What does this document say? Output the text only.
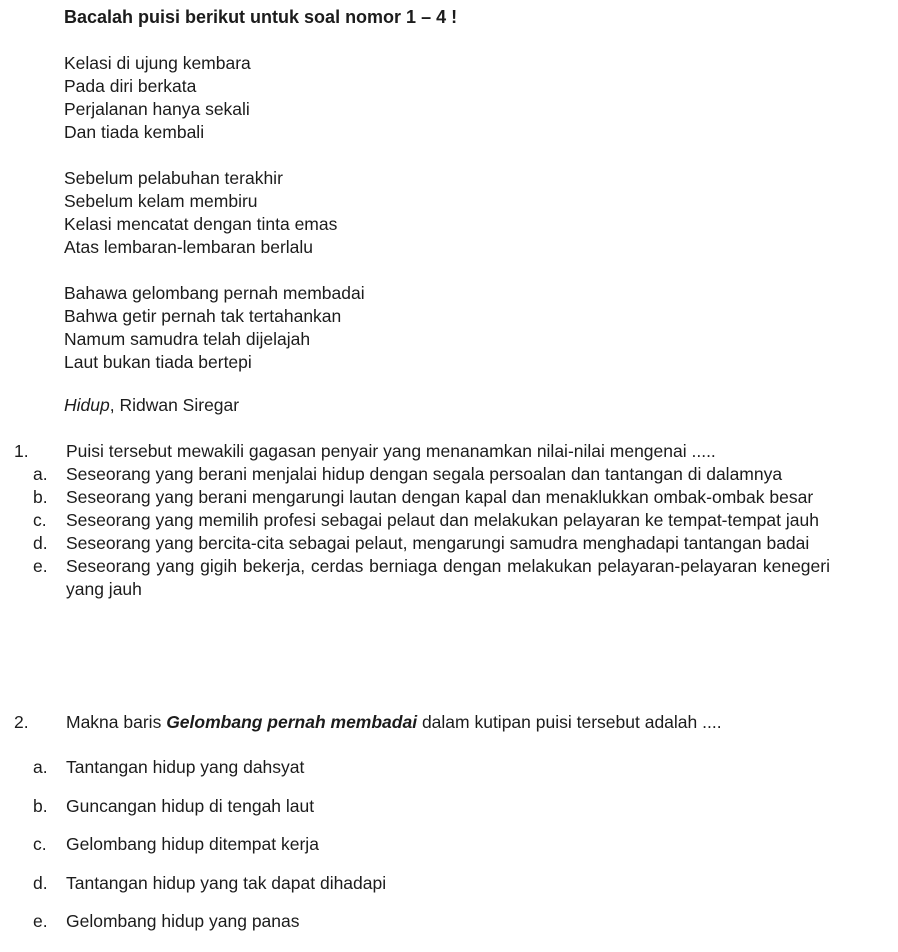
Bacalah puisi berikut untuk soal nomor 1 – 4 !
Kelasi di ujung kembara
Pada diri berkata
Perjalanan hanya sekali
Dan tiada kembali
Sebelum pelabuhan terakhir
Sebelum kelam membiru
Kelasi mencatat dengan tinta emas
Atas lembaran-lembaran berlalu
Bahawa gelombang pernah membadai
Bahwa getir pernah tak tertahankan
Namum samudra telah dijelajah
Laut bukan tiada bertepi
Hidup, Ridwan Siregar
1.	Puisi tersebut mewakili gagasan penyair yang menanamkan nilai-nilai mengenai .....
a.	Seseorang yang berani menjalai hidup dengan segala persoalan dan tantangan di dalamnya
b.	Seseorang yang berani mengarungi lautan dengan kapal dan menaklukkan ombak-ombak besar
c.	Seseorang yang memilih profesi sebagai pelaut dan melakukan pelayaran ke tempat-tempat jauh
d.	Seseorang yang bercita-cita sebagai pelaut, mengarungi samudra menghadapi tantangan badai
e.	Seseorang yang gigih bekerja, cerdas berniaga dengan melakukan pelayaran-pelayaran kenegeri yang jauh
2.	Makna baris Gelombang pernah membadai dalam kutipan puisi tersebut adalah ....
a.	Tantangan hidup yang dahsyat
b.	Guncangan hidup di tengah laut
c.	Gelombang hidup ditempat kerja
d.	Tantangan hidup yang tak dapat dihadapi
e.	Gelombang hidup yang panas
